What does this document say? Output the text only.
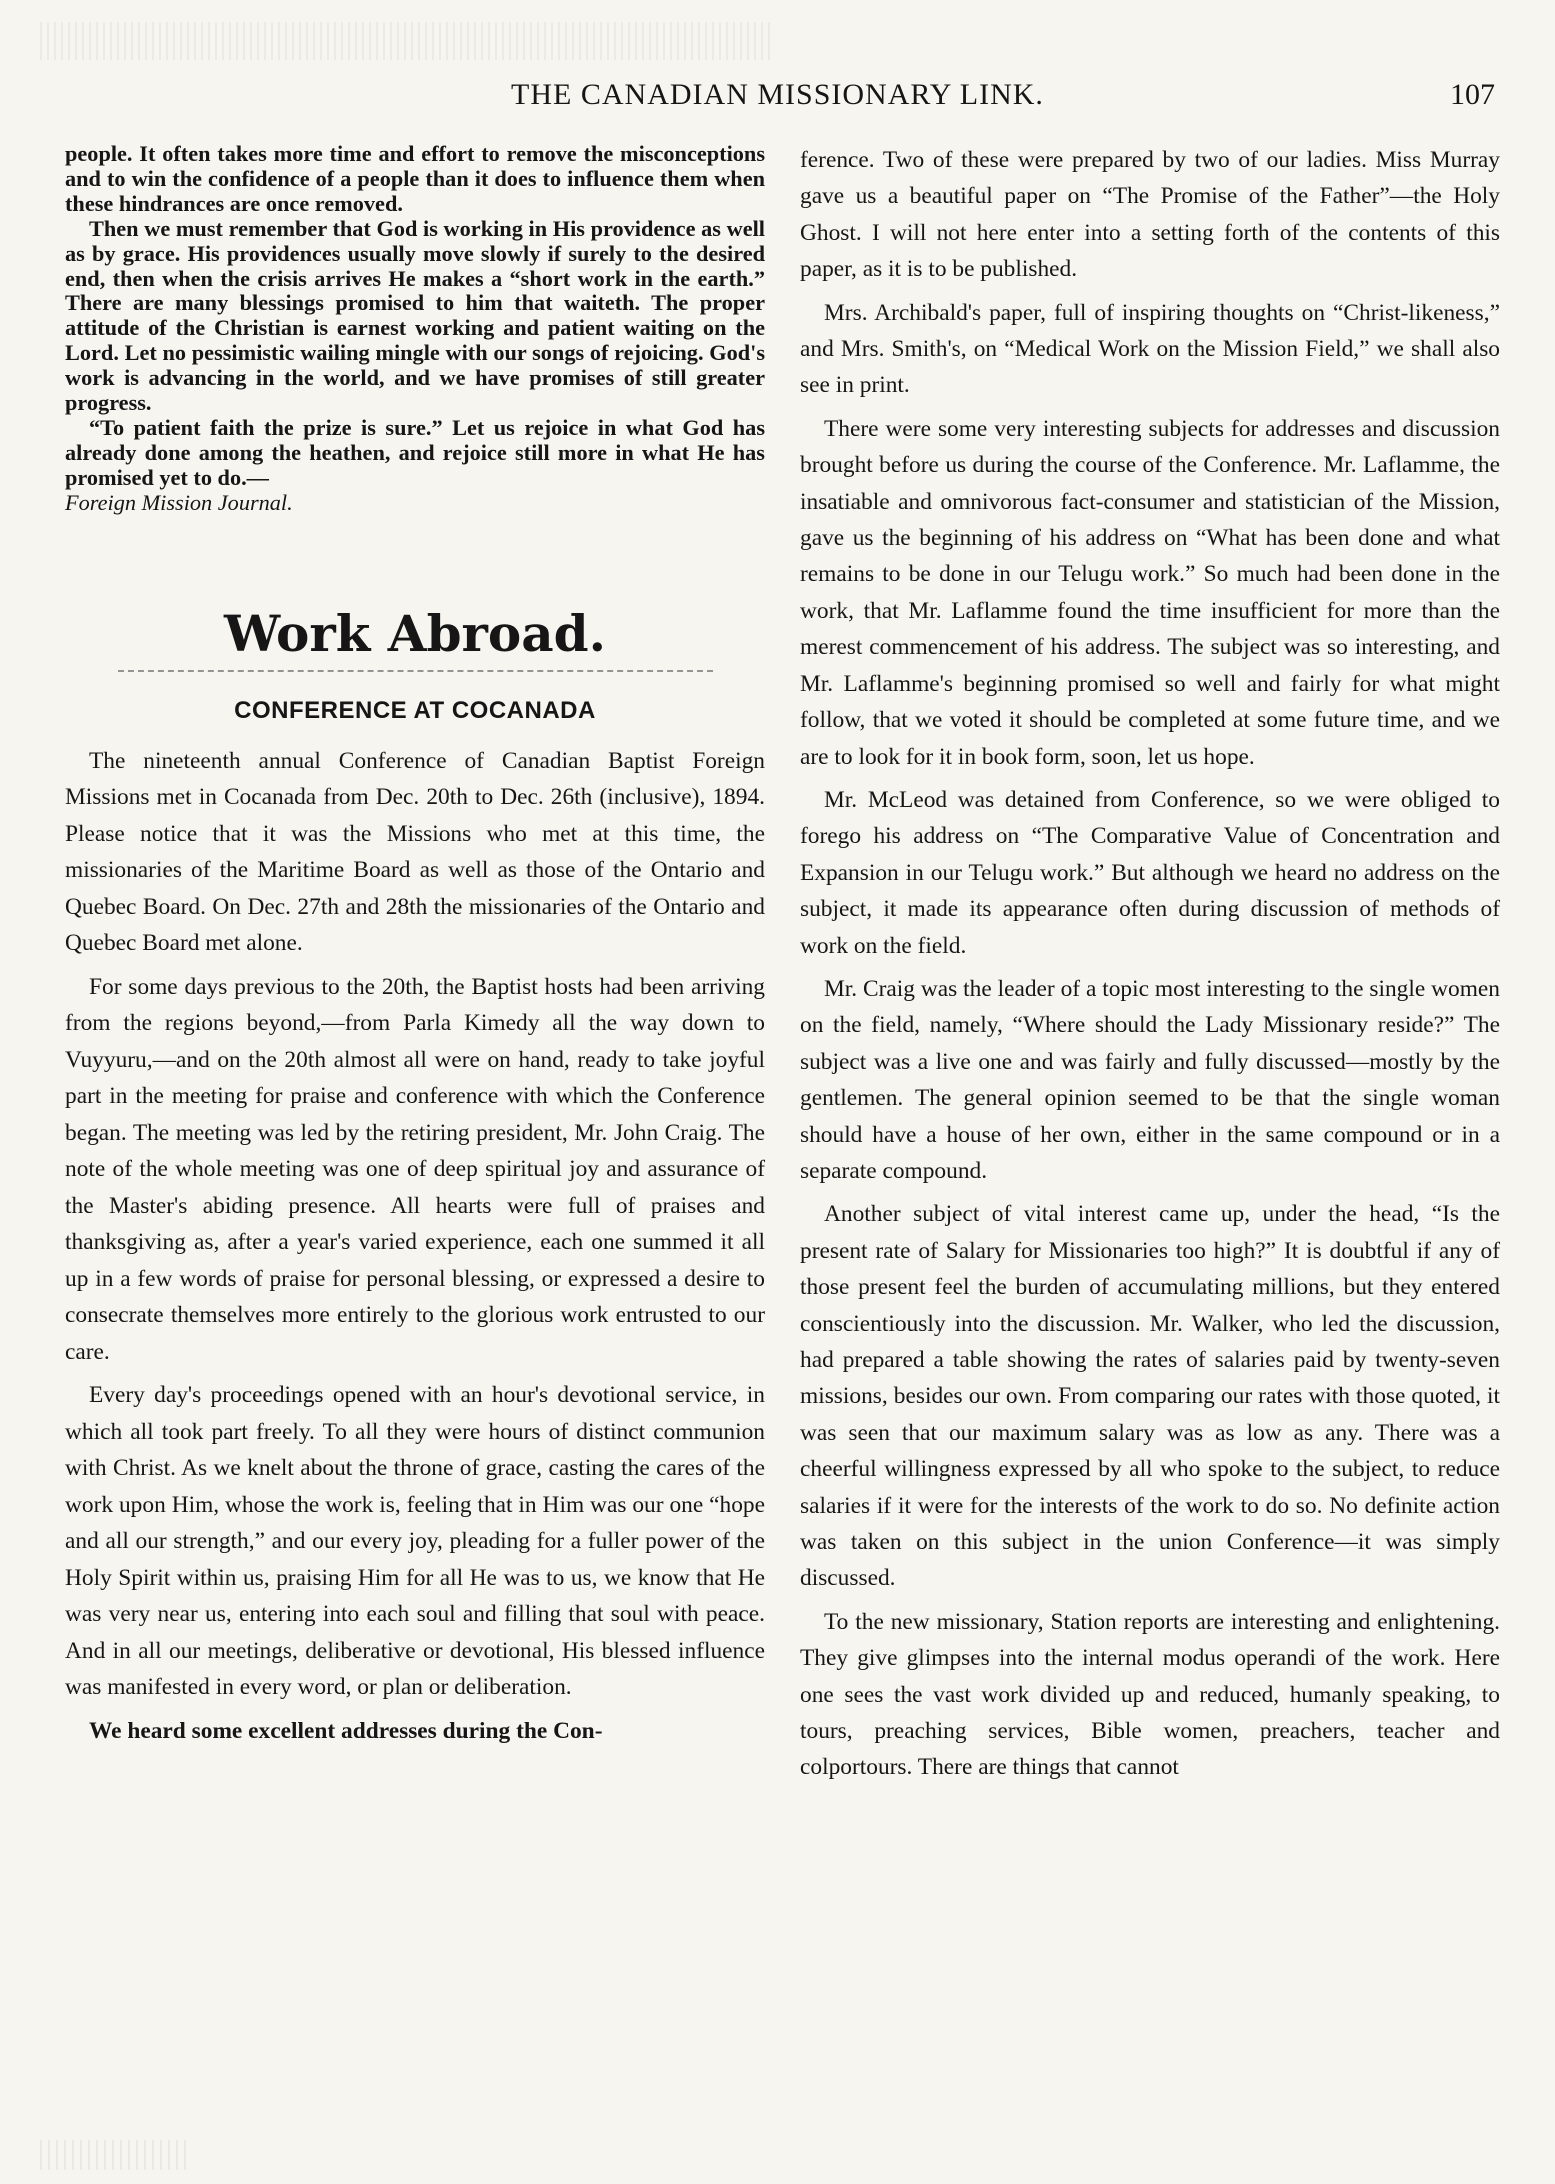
THE CANADIAN MISSIONARY LINK.	107

people. It often takes more time and effort to remove the misconceptions and to win the confidence of a people than it does to influence them when these hindrances are once removed.

Then we must remember that God is working in His providence as well as by grace. His providences usually move slowly if surely to the desired end, then when the crisis arrives He makes a “short work in the earth.” There are many blessings promised to him that waiteth. The proper attitude of the Christian is earnest working and patient waiting on the Lord. Let no pessimistic wailing mingle with our songs of rejoicing. God's work is advancing in the world, and we have promises of still greater progress.

“To patient faith the prize is sure.” Let us rejoice in what God has already done among the heathen, and rejoice still more in what He has promised yet to do.—
Foreign Mission Journal.

Work Abroad.
CONFERENCE AT COCANADA

The nineteenth annual Conference of Canadian Baptist Foreign Missions met in Cocanada from Dec. 20th to Dec. 26th (inclusive), 1894. Please notice that it was the Missions who met at this time, the missionaries of the Maritime Board as well as those of the Ontario and Quebec Board. On Dec. 27th and 28th the missionaries of the Ontario and Quebec Board met alone.

For some days previous to the 20th, the Baptist hosts had been arriving from the regions beyond,—from Parla Kimedy all the way down to Vuyyuru,—and on the 20th almost all were on hand, ready to take joyful part in the meeting for praise and conference with which the Conference began. The meeting was led by the retiring president, Mr. John Craig. The note of the whole meeting was one of deep spiritual joy and assurance of the Master's abiding presence. All hearts were full of praises and thanksgiving as, after a year's varied experience, each one summed it all up in a few words of praise for personal blessing, or expressed a desire to consecrate themselves more entirely to the glorious work entrusted to our care.

Every day's proceedings opened with an hour's devotional service, in which all took part freely. To all they were hours of distinct communion with Christ. As we knelt about the throne of grace, casting the cares of the work upon Him, whose the work is, feeling that in Him was our one “hope and all our strength,” and our every joy, pleading for a fuller power of the Holy Spirit within us, praising Him for all He was to us, we know that He was very near us, entering into each soul and filling that soul with peace. And in all our meetings, deliberative or devotional, His blessed influence was manifested in every word, or plan or deliberation.

We heard some excellent addresses during the Con-

ference. Two of these were prepared by two of our ladies. Miss Murray gave us a beautiful paper on “The Promise of the Father”—the Holy Ghost. I will not here enter into a setting forth of the contents of this paper, as it is to be published.

Mrs. Archibald's paper, full of inspiring thoughts on “Christ-likeness,” and Mrs. Smith's, on “Medical Work on the Mission Field,” we shall also see in print.

There were some very interesting subjects for addresses and discussion brought before us during the course of the Conference. Mr. Laflamme, the insatiable and omnivorous fact-consumer and statistician of the Mission, gave us the beginning of his address on “What has been done and what remains to be done in our Telugu work.” So much had been done in the work, that Mr. Laflamme found the time insufficient for more than the merest commencement of his address. The subject was so interesting, and Mr. Laflamme's beginning promised so well and fairly for what might follow, that we voted it should be completed at some future time, and we are to look for it in book form, soon, let us hope.

Mr. McLeod was detained from Conference, so we were obliged to forego his address on “The Comparative Value of Concentration and Expansion in our Telugu work.” But although we heard no address on the subject, it made its appearance often during discussion of methods of work on the field.

Mr. Craig was the leader of a topic most interesting to the single women on the field, namely, “Where should the Lady Missionary reside?” The subject was a live one and was fairly and fully discussed—mostly by the gentlemen. The general opinion seemed to be that the single woman should have a house of her own, either in the same compound or in a separate compound.

Another subject of vital interest came up, under the head, “Is the present rate of Salary for Missionaries too high?” It is doubtful if any of those present feel the burden of accumulating millions, but they entered conscientiously into the discussion. Mr. Walker, who led the discussion, had prepared a table showing the rates of salaries paid by twenty-seven missions, besides our own. From comparing our rates with those quoted, it was seen that our maximum salary was as low as any. There was a cheerful willingness expressed by all who spoke to the subject, to reduce salaries if it were for the interests of the work to do so. No definite action was taken on this subject in the union Conference—it was simply discussed.

To the new missionary, Station reports are interesting and enlightening. They give glimpses into the internal modus operandi of the work. Here one sees the vast work divided up and reduced, humanly speaking, to tours, preaching services, Bible women, preachers, teacher and colportours. There are things that cannot
